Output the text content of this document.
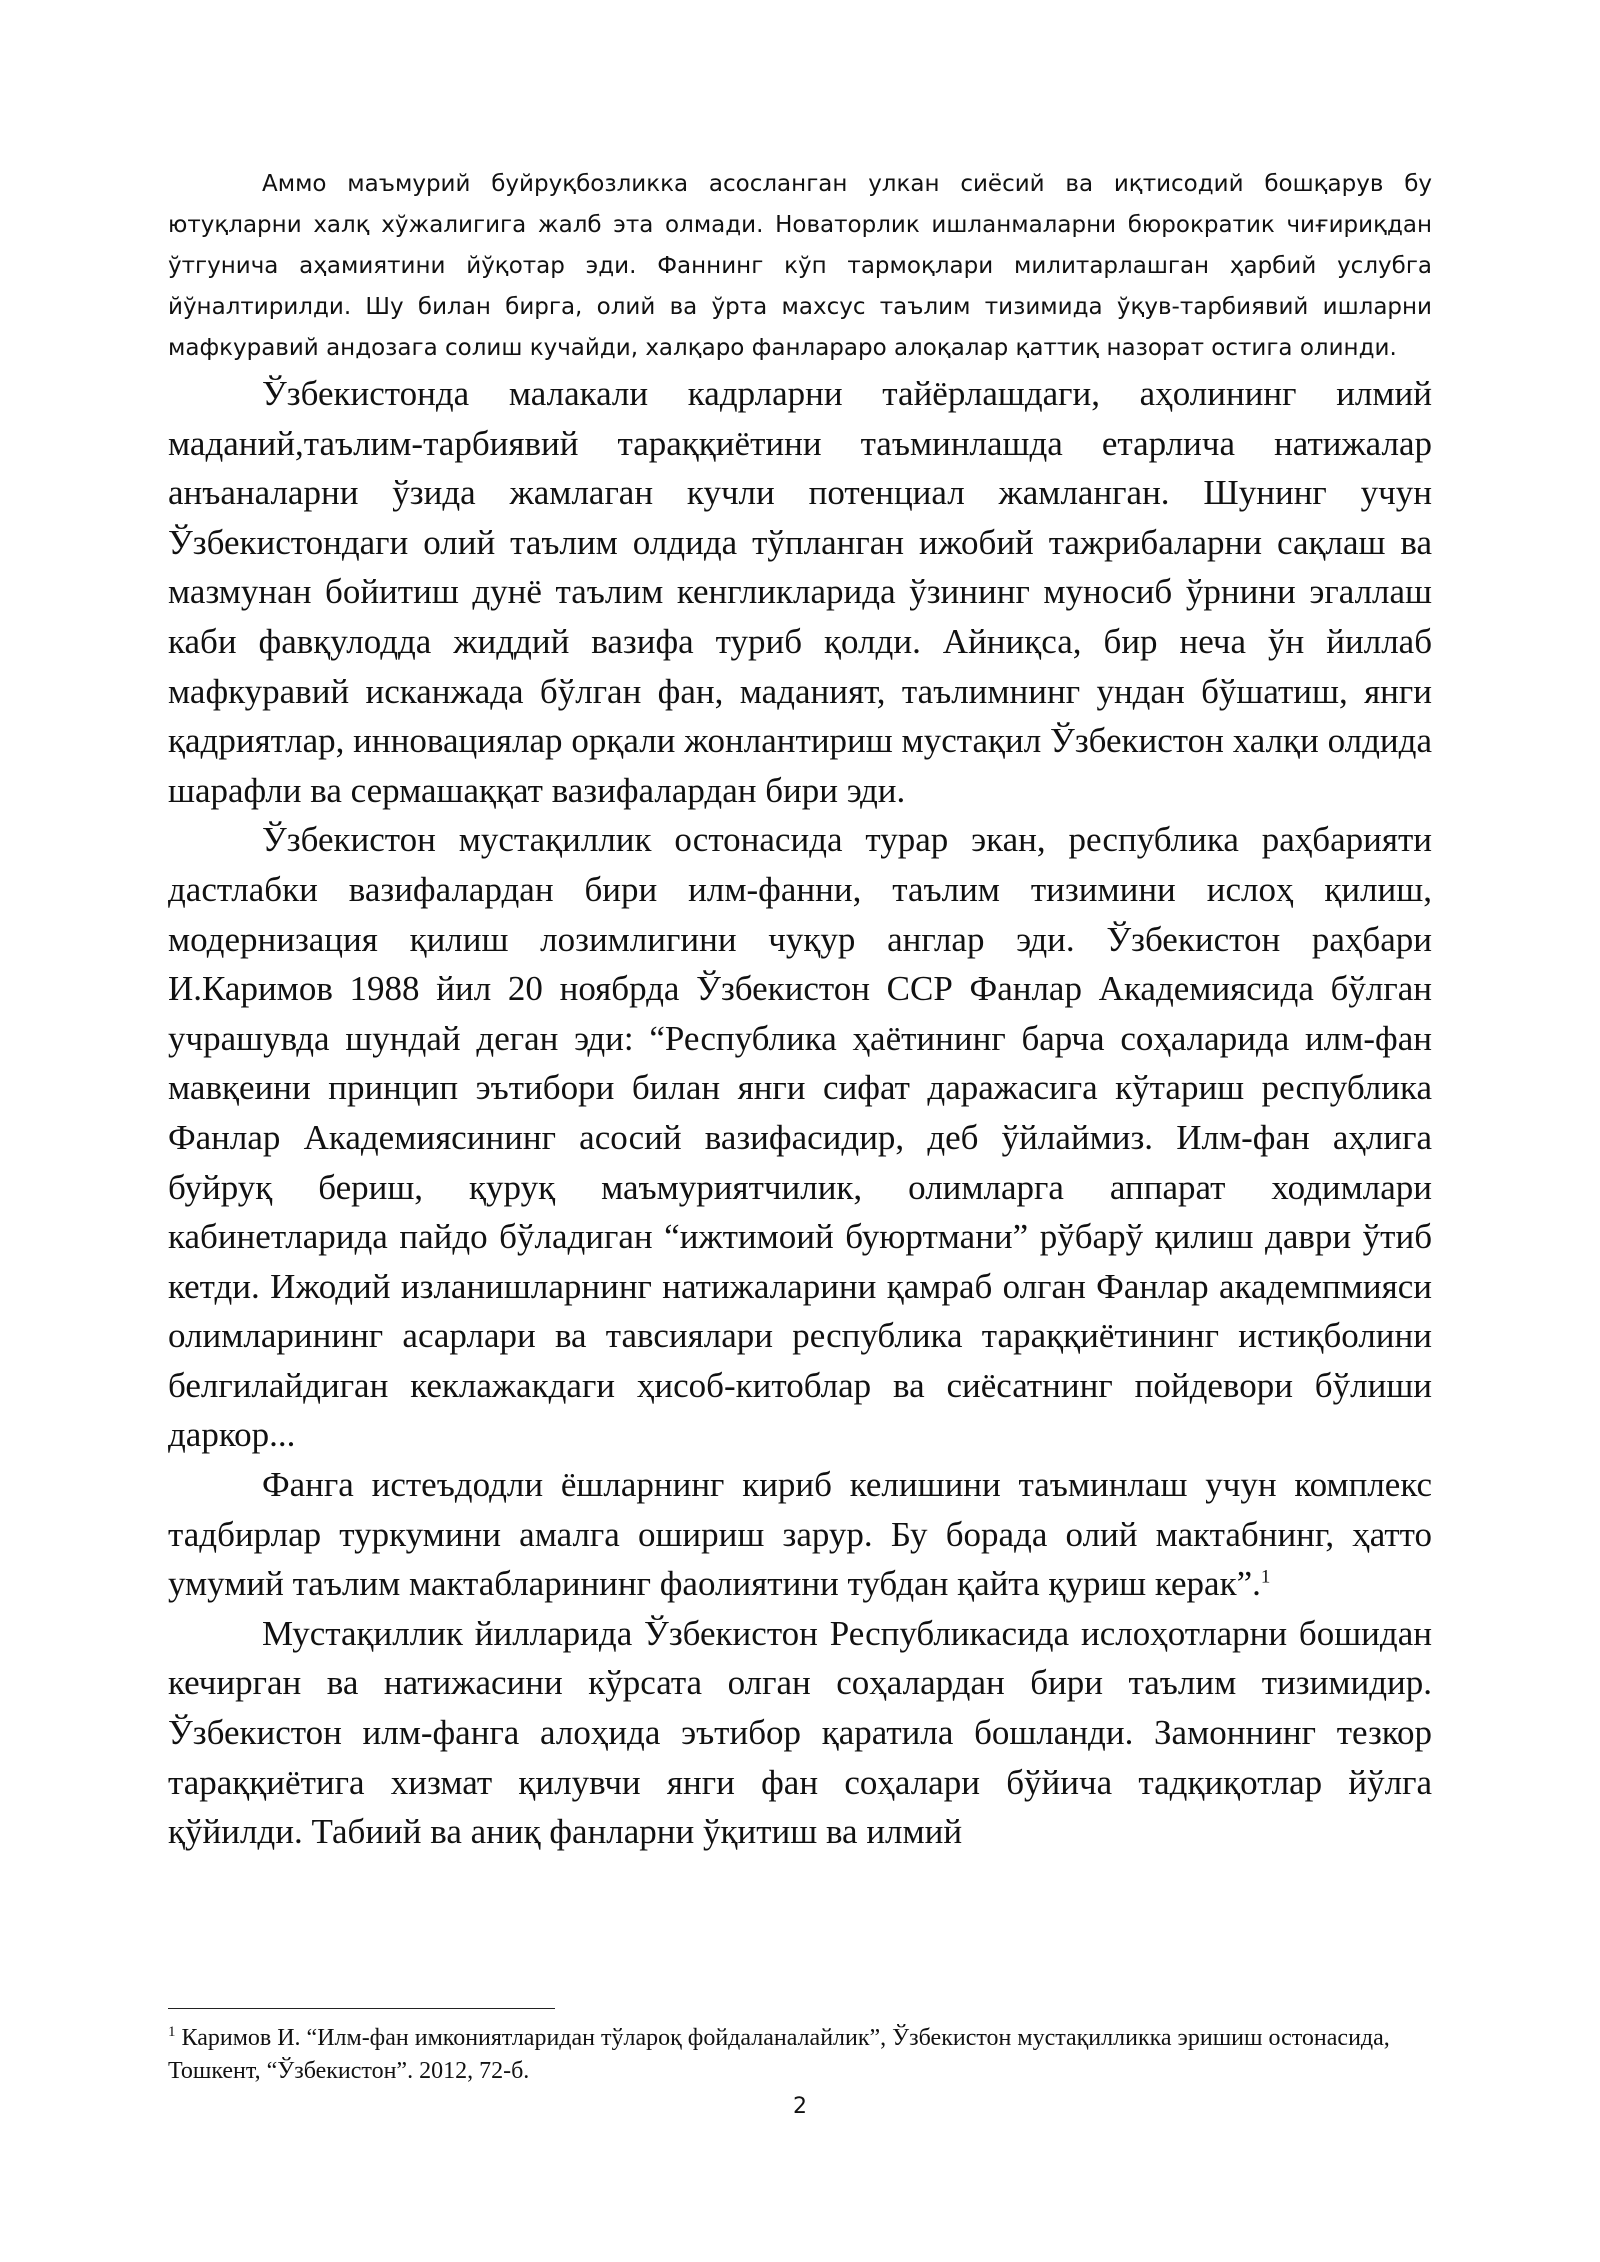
Аммо маъмурий буйруқбозликка асосланган улкан сиёсий ва иқтисодий бошқарув бу ютуқларни халқ хўжалигига жалб эта олмади. Новаторлик ишланмаларни бюрократик чиғириқдан ўтгунича аҳамиятини йўқотар эди. Фаннинг кўп тармоқлари милитарлашган ҳарбий услубга йўналтирилди. Шу билан бирга, олий ва ўрта махсус таълим тизимида ўқув-тарбиявий ишларни мафкуравий андозага солиш кучайди, халқаро фанлараро алоқалар қаттиқ назорат остига олинди.

Ўзбекистонда малакали кадрларни тайёрлашдаги, аҳолининг илмий маданий,таълим-тарбиявий тараққиётини таъминлашда етарлича натижалар анъаналарни ўзида жамлаган кучли потенциал жамланган. Шунинг учун Ўзбекистондаги олий таълим олдида тўпланган ижобий тажрибаларни сақлаш ва мазмунан бойитиш дунё таълим кенгликларида ўзининг муносиб ўрнини эгаллаш каби фавқулодда жиддий вазифа туриб қолди. Айниқса, бир неча ўн йиллаб мафкуравий исканжада бўлган фан, маданият, таълимнинг ундан бўшатиш, янги қадриятлар, инновациялар орқали жонлантириш мустақил Ўзбекистон халқи олдида шарафли ва сермашаққат вазифалардан бири эди.

Ўзбекистон мустақиллик остонасида турар экан, республика раҳбарияти дастлабки вазифалардан бири илм-фанни, таълим тизимини ислоҳ қилиш, модернизация қилиш лозимлигини чуқур англар эди. Ўзбекистон раҳбари И.Каримов 1988 йил 20 ноябрда Ўзбекистон ССР Фанлар Академиясида бўлган учрашувда шундай деган эди: “Республика ҳаётининг барча соҳаларида илм-фан мавқеини принцип эътибори билан янги сифат даражасига кўтариш республика Фанлар Академиясининг асосий вазифасидир, деб ўйлаймиз. Илм-фан аҳлига буйруқ бериш, қуруқ маъмуриятчилик, олимларга аппарат ходимлари кабинетларида пайдо бўладиган “ижтимоий буюртмани” рўбарў қилиш даври ўтиб кетди. Ижодий изланишларнинг натижаларини қамраб олган Фанлар академпмияси олимларининг асарлари ва тавсиялари республика тараққиётининг истиқболини белгилайдиган кеклажакдаги ҳисоб-китоблар ва сиёсатнинг пойдевори бўлиши даркор...

Фанга истеъдодли ёшларнинг кириб келишини таъминлаш учун комплекс тадбирлар туркумини амалга ошириш зарур. Бу борада олий мактабнинг, ҳатто умумий таълим мактабларининг фаолиятини тубдан қайта қуриш керак”.$^1$

Мустақиллик йилларида Ўзбекистон Республикасида ислоҳотларни бошидан кечирган ва натижасини кўрсата олган соҳалардан бири таълим тизимидир. Ўзбекистон илм-фанга алоҳида эътибор қаратила бошланди. Замоннинг тезкор тараққиётига хизмат қилувчи янги фан соҳалари бўйича тадқиқотлар йўлга қўйилди. Табиий ва аниқ фанларни ўқитиш ва илмий

$^1$ Каримов И. “Илм-фан имкониятларидан тўлароқ фойдаланалайлик”, Ўзбекистон мустақилликка эришиш остонасида, Тошкент, “Ўзбекистон”. 2012, 72-б.

2
